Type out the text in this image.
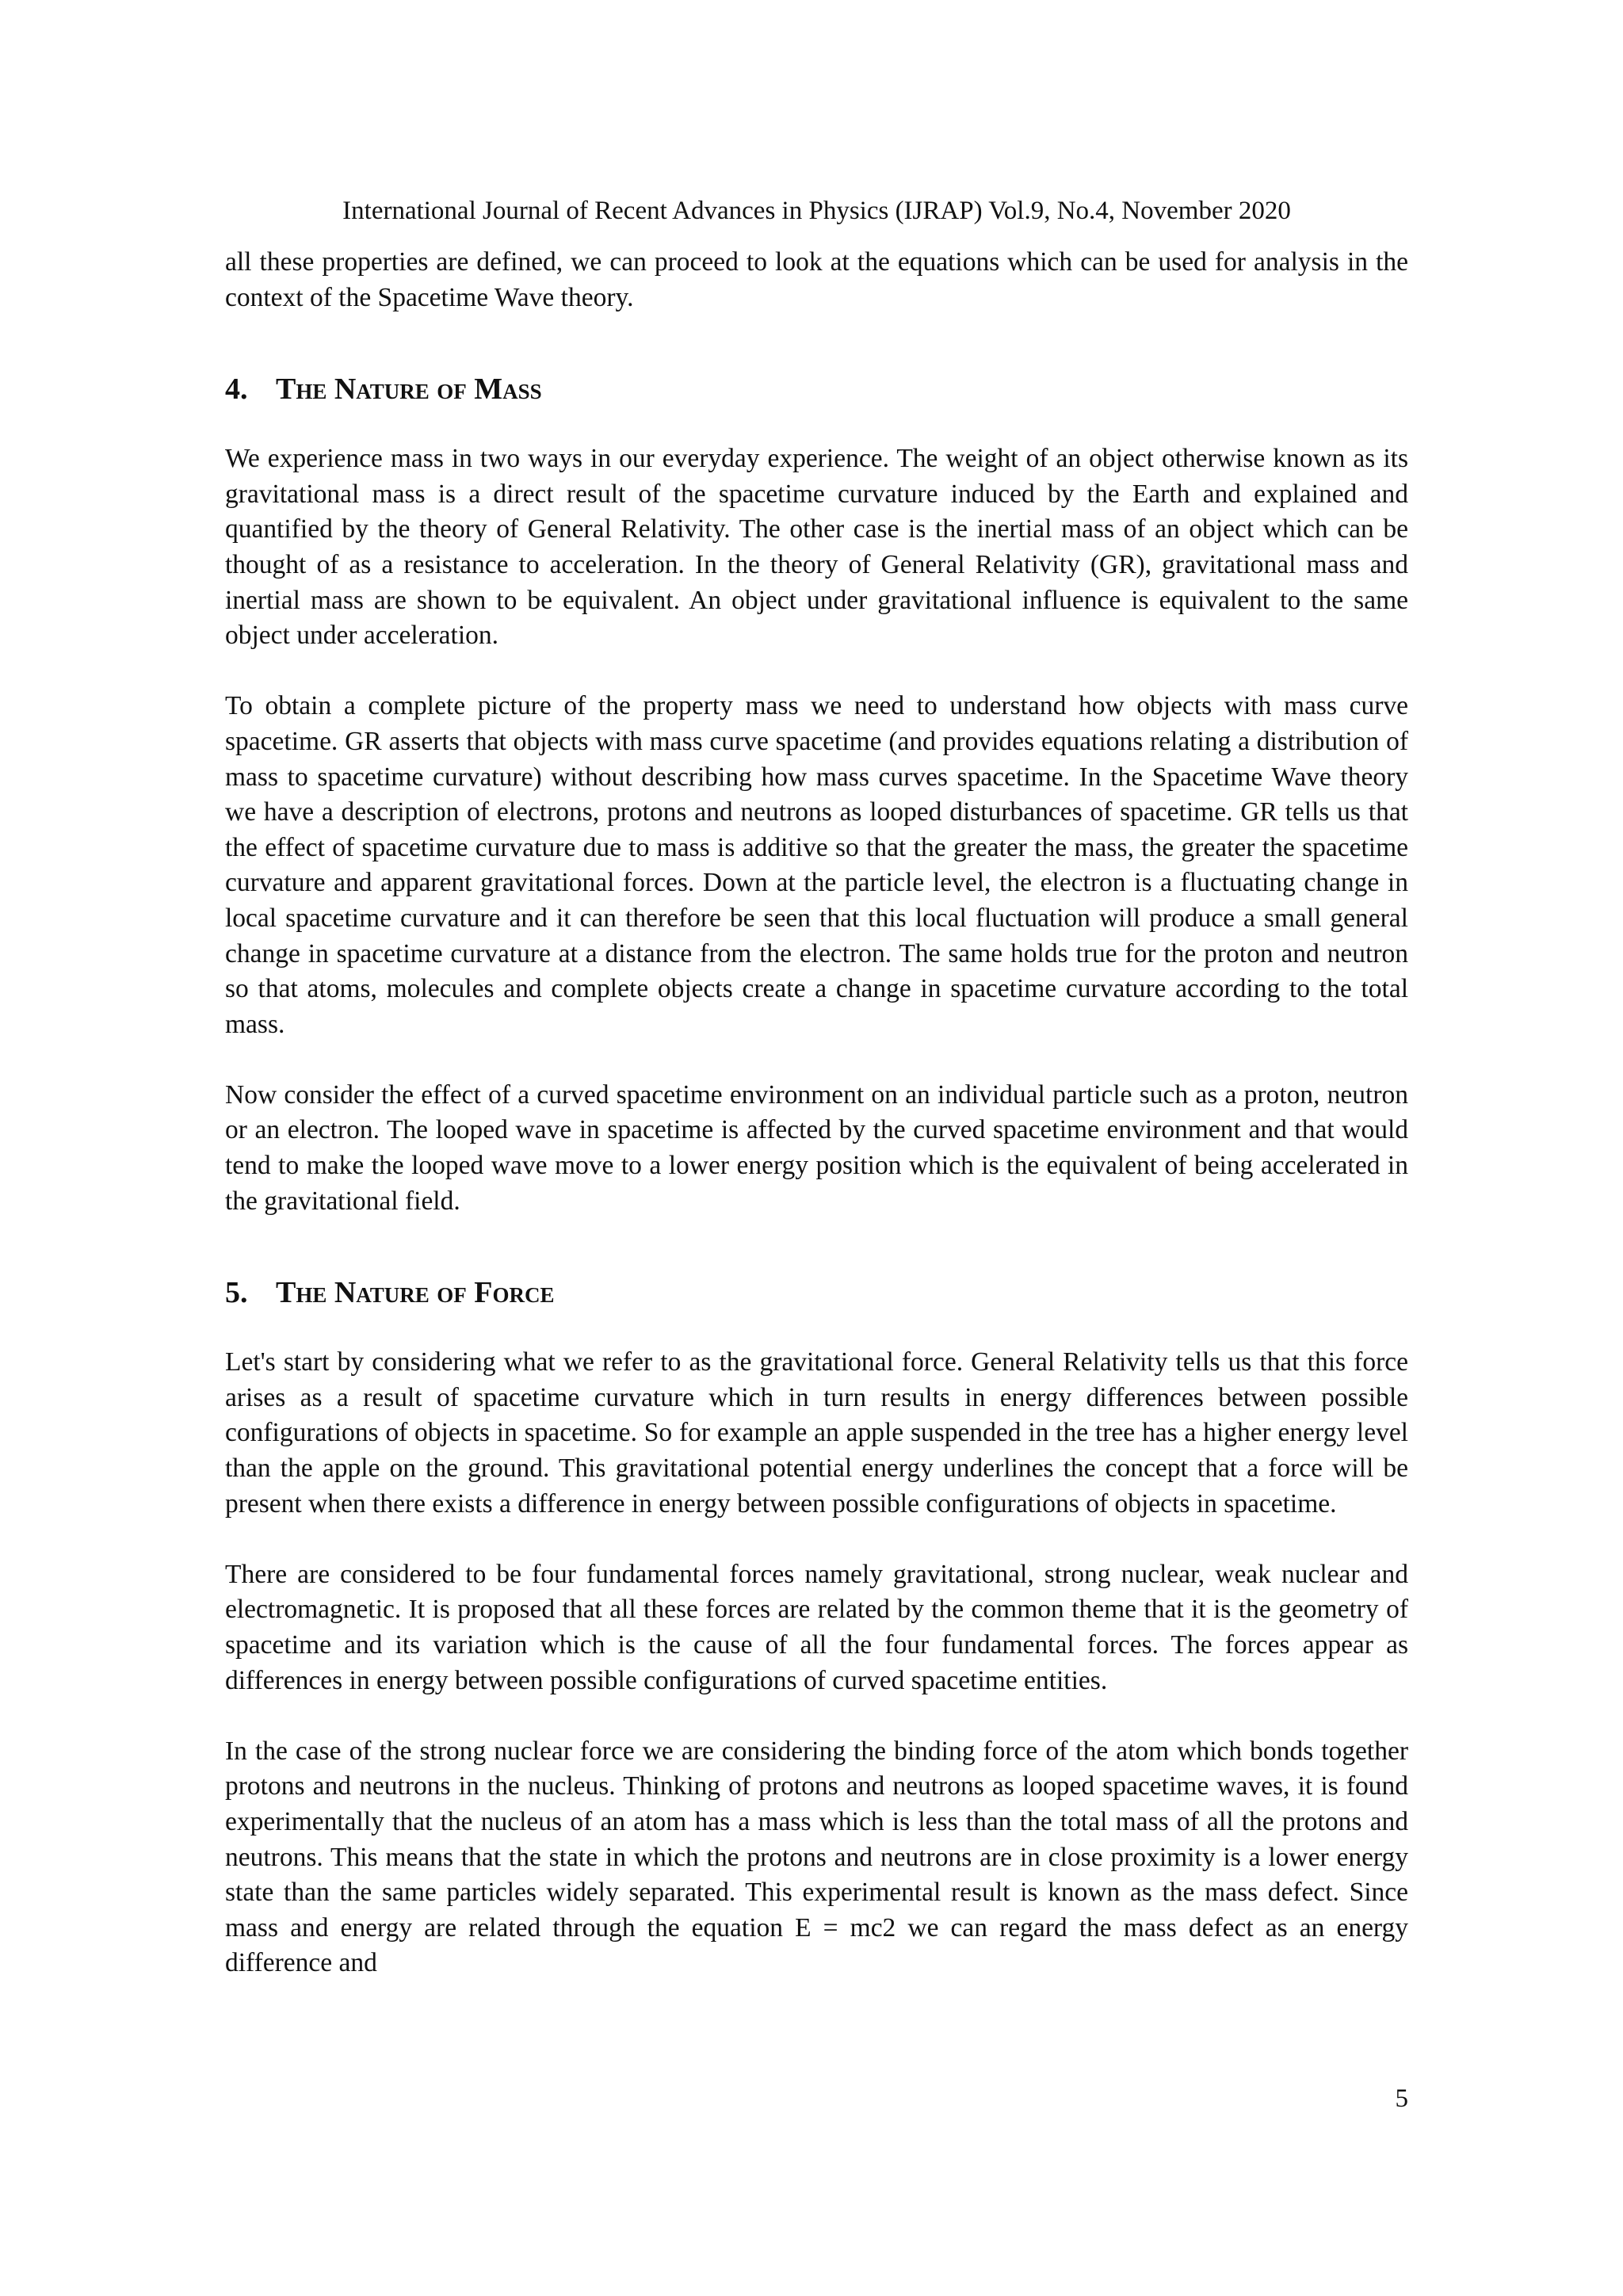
International Journal of Recent Advances in Physics (IJRAP) Vol.9, No.4, November 2020

all these properties are defined, we can proceed to look at the equations which can be used for analysis in the context of the Spacetime Wave theory.

4. The Nature of Mass

We experience mass in two ways in our everyday experience. The weight of an object otherwise known as its gravitational mass is a direct result of the spacetime curvature induced by the Earth and explained and quantified by the theory of General Relativity. The other case is the inertial mass of an object which can be thought of as a resistance to acceleration. In the theory of General Relativity (GR), gravitational mass and inertial mass are shown to be equivalent. An object under gravitational influence is equivalent to the same object under acceleration.

To obtain a complete picture of the property mass we need to understand how objects with mass curve spacetime. GR asserts that objects with mass curve spacetime (and provides equations relating a distribution of mass to spacetime curvature) without describing how mass curves spacetime. In the Spacetime Wave theory we have a description of electrons, protons and neutrons as looped disturbances of spacetime. GR tells us that the effect of spacetime curvature due to mass is additive so that the greater the mass, the greater the spacetime curvature and apparent gravitational forces. Down at the particle level, the electron is a fluctuating change in local spacetime curvature and it can therefore be seen that this local fluctuation will produce a small general change in spacetime curvature at a distance from the electron. The same holds true for the proton and neutron so that atoms, molecules and complete objects create a change in spacetime curvature according to the total mass.

Now consider the effect of a curved spacetime environment on an individual particle such as a proton, neutron or an electron. The looped wave in spacetime is affected by the curved spacetime environment and that would tend to make the looped wave move to a lower energy position which is the equivalent of being accelerated in the gravitational field.

5. The Nature of Force

Let's start by considering what we refer to as the gravitational force. General Relativity tells us that this force arises as a result of spacetime curvature which in turn results in energy differences between possible configurations of objects in spacetime. So for example an apple suspended in the tree has a higher energy level than the apple on the ground. This gravitational potential energy underlines the concept that a force will be present when there exists a difference in energy between possible configurations of objects in spacetime.

There are considered to be four fundamental forces namely gravitational, strong nuclear, weak nuclear and electromagnetic. It is proposed that all these forces are related by the common theme that it is the geometry of spacetime and its variation which is the cause of all the four fundamental forces. The forces appear as differences in energy between possible configurations of curved spacetime entities.

In the case of the strong nuclear force we are considering the binding force of the atom which bonds together protons and neutrons in the nucleus. Thinking of protons and neutrons as looped spacetime waves, it is found experimentally that the nucleus of an atom has a mass which is less than the total mass of all the protons and neutrons. This means that the state in which the protons and neutrons are in close proximity is a lower energy state than the same particles widely separated. This experimental result is known as the mass defect. Since mass and energy are related through the equation E = mc2 we can regard the mass defect as an energy difference and

5
